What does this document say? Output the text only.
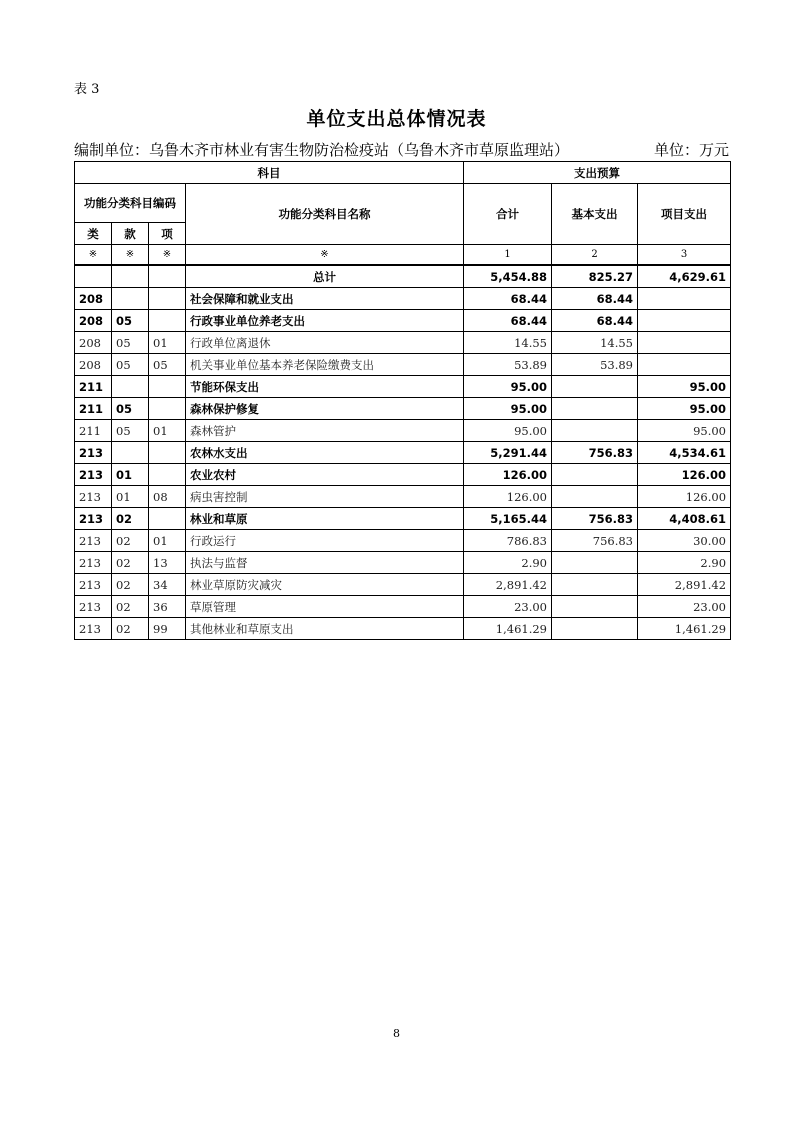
表 3
单位支出总体情况表
编制单位：乌鲁木齐市林业有害生物防治检疫站（乌鲁木齐市草原监理站）	单位：万元
科目				支出预算		
功能分类科目编码			功能分类科目名称	合计	基本支出	项目支出
类	款	项				
※	※	※	※	1	2	3
			总计	5,454.88	825.27	4,629.61
208			社会保障和就业支出	68.44	68.44	
208	05		行政事业单位养老支出	68.44	68.44	
208	05	01	行政单位离退休	14.55	14.55	
208	05	05	机关事业单位基本养老保险缴费支出	53.89	53.89	
211			节能环保支出	95.00		95.00
211	05		森林保护修复	95.00		95.00
211	05	01	森林管护	95.00		95.00
213			农林水支出	5,291.44	756.83	4,534.61
213	01		农业农村	126.00		126.00
213	01	08	病虫害控制	126.00		126.00
213	02		林业和草原	5,165.44	756.83	4,408.61
213	02	01	行政运行	786.83	756.83	30.00
213	02	13	执法与监督	2.90		2.90
213	02	34	林业草原防灾减灾	2,891.42		2,891.42
213	02	36	草原管理	23.00		23.00
213	02	99	其他林业和草原支出	1,461.29		1,461.29
8
